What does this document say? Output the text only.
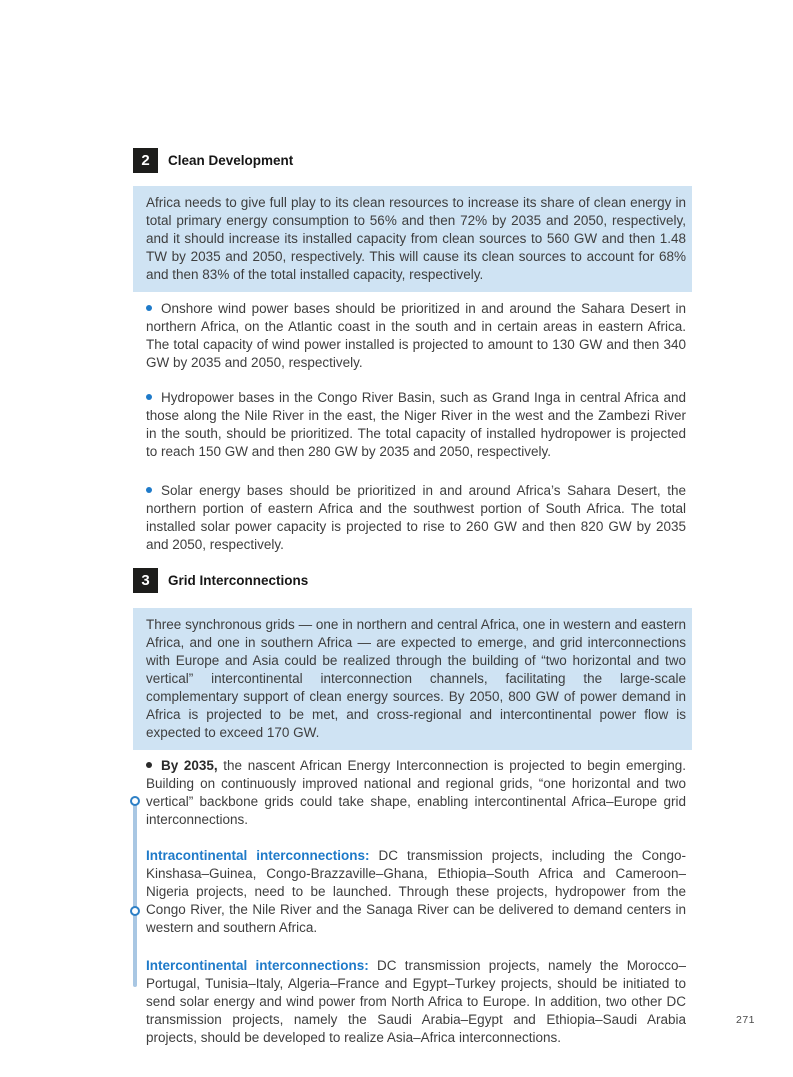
2	Clean Development
Africa needs to give full play to its clean resources to increase its share of clean energy in total primary energy consumption to 56% and then 72% by 2035 and 2050, respectively, and it should increase its installed capacity from clean sources to 560 GW and then 1.48 TW by 2035 and 2050, respectively. This will cause its clean sources to account for 68% and then 83% of the total installed capacity, respectively.
Onshore wind power bases should be prioritized in and around the Sahara Desert in northern Africa, on the Atlantic coast in the south and in certain areas in eastern Africa. The total capacity of wind power installed is projected to amount to 130 GW and then 340 GW by 2035 and 2050, respectively.
Hydropower bases in the Congo River Basin, such as Grand Inga in central Africa and those along the Nile River in the east, the Niger River in the west and the Zambezi River in the south, should be prioritized. The total capacity of installed hydropower is projected to reach 150 GW and then 280 GW by 2035 and 2050, respectively.
Solar energy bases should be prioritized in and around Africa’s Sahara Desert, the northern portion of eastern Africa and the southwest portion of South Africa. The total installed solar power capacity is projected to rise to 260 GW and then 820 GW by 2035 and 2050, respectively.
3	Grid Interconnections
Three synchronous grids — one in northern and central Africa, one in western and eastern Africa, and one in southern Africa — are expected to emerge, and grid interconnections with Europe and Asia could be realized through the building of “two horizontal and two vertical” intercontinental interconnection channels, facilitating the large-scale complementary support of clean energy sources. By 2050, 800 GW of power demand in Africa is projected to be met, and cross-regional and intercontinental power flow is expected to exceed 170 GW.
By 2035, the nascent African Energy Interconnection is projected to begin emerging. Building on continuously improved national and regional grids, “one horizontal and two vertical” backbone grids could take shape, enabling intercontinental Africa–Europe grid interconnections.
Intracontinental interconnections: DC transmission projects, including the Congo-Kinshasa–Guinea, Congo-Brazzaville–Ghana, Ethiopia–South Africa and Cameroon–Nigeria projects, need to be launched. Through these projects, hydropower from the Congo River, the Nile River and the Sanaga River can be delivered to demand centers in western and southern Africa.
Intercontinental interconnections: DC transmission projects, namely the Morocco–Portugal, Tunisia–Italy, Algeria–France and Egypt–Turkey projects, should be initiated to send solar energy and wind power from North Africa to Europe. In addition, two other DC transmission projects, namely the Saudi Arabia–Egypt and Ethiopia–Saudi Arabia projects, should be developed to realize Asia–Africa interconnections.
271
